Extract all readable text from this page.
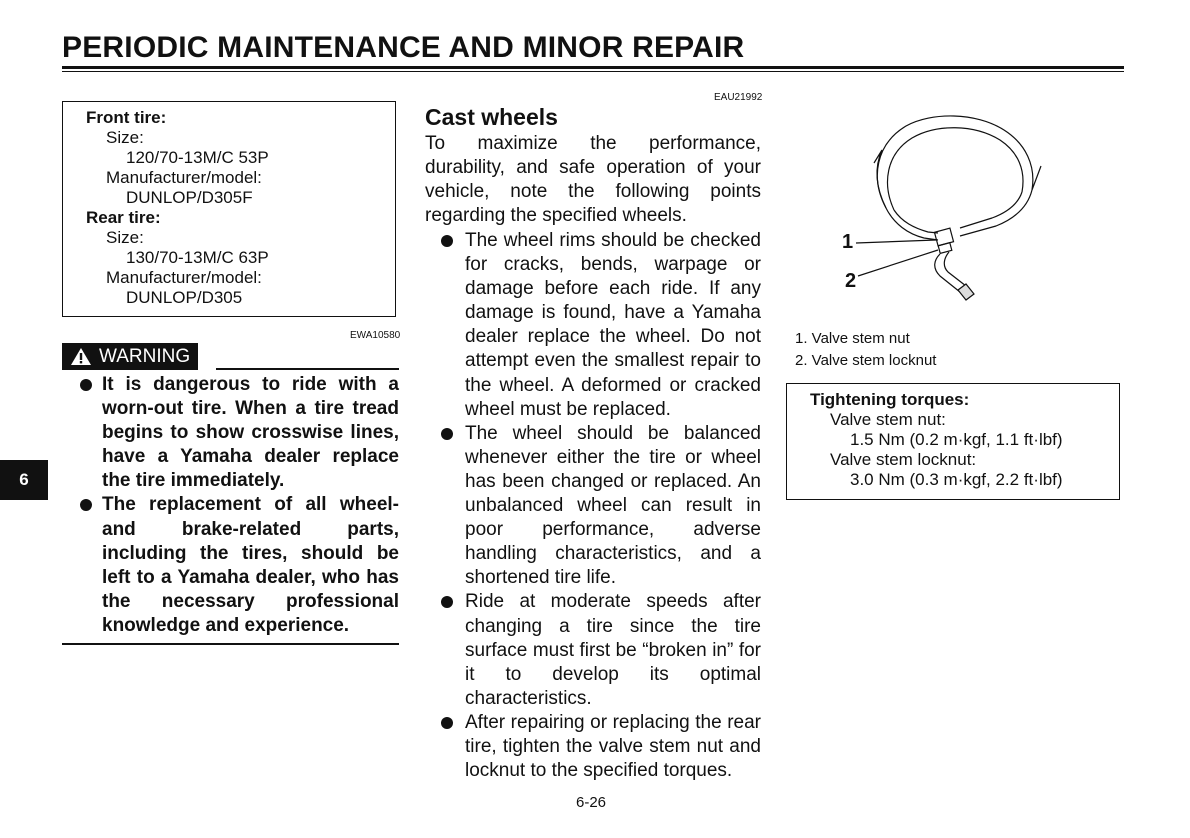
PERIODIC MAINTENANCE AND MINOR REPAIR
6
Front tire:
Size:
120/70-13M/C 53P
Manufacturer/model:
DUNLOP/D305F
Rear tire:
Size:
130/70-13M/C 63P
Manufacturer/model:
DUNLOP/D305
EWA10580
WARNING
It is dangerous to ride with a worn-out tire. When a tire tread begins to show crosswise lines, have a Yamaha dealer replace the tire immediately.
The replacement of all wheel- and brake-related parts, including the tires, should be left to a Yamaha dealer, who has the necessary professional knowledge and experience.
EAU21992
Cast wheels

To maximize the performance, durability, and safe operation of your vehicle, note the following points regarding the specified wheels.

The wheel rims should be checked for cracks, bends, warpage or damage before each ride. If any damage is found, have a Yamaha dealer replace the wheel. Do not attempt even the smallest repair to the wheel. A deformed or cracked wheel must be replaced.
The wheel should be balanced whenever either the tire or wheel has been changed or replaced. An unbalanced wheel can result in poor performance, adverse handling characteristics, and a shortened tire life.
Ride at moderate speeds after changing a tire since the tire surface must first be “broken in” for it to develop its optimal characteristics.
After repairing or replacing the rear tire, tighten the valve stem nut and locknut to the specified torques.
1
2
1. Valve stem nut
2. Valve stem locknut
Tightening torques:
Valve stem nut:
1.5 Nm (0.2 m·kgf, 1.1 ft·lbf)
Valve stem locknut:
3.0 Nm (0.3 m·kgf, 2.2 ft·lbf)
6-26
